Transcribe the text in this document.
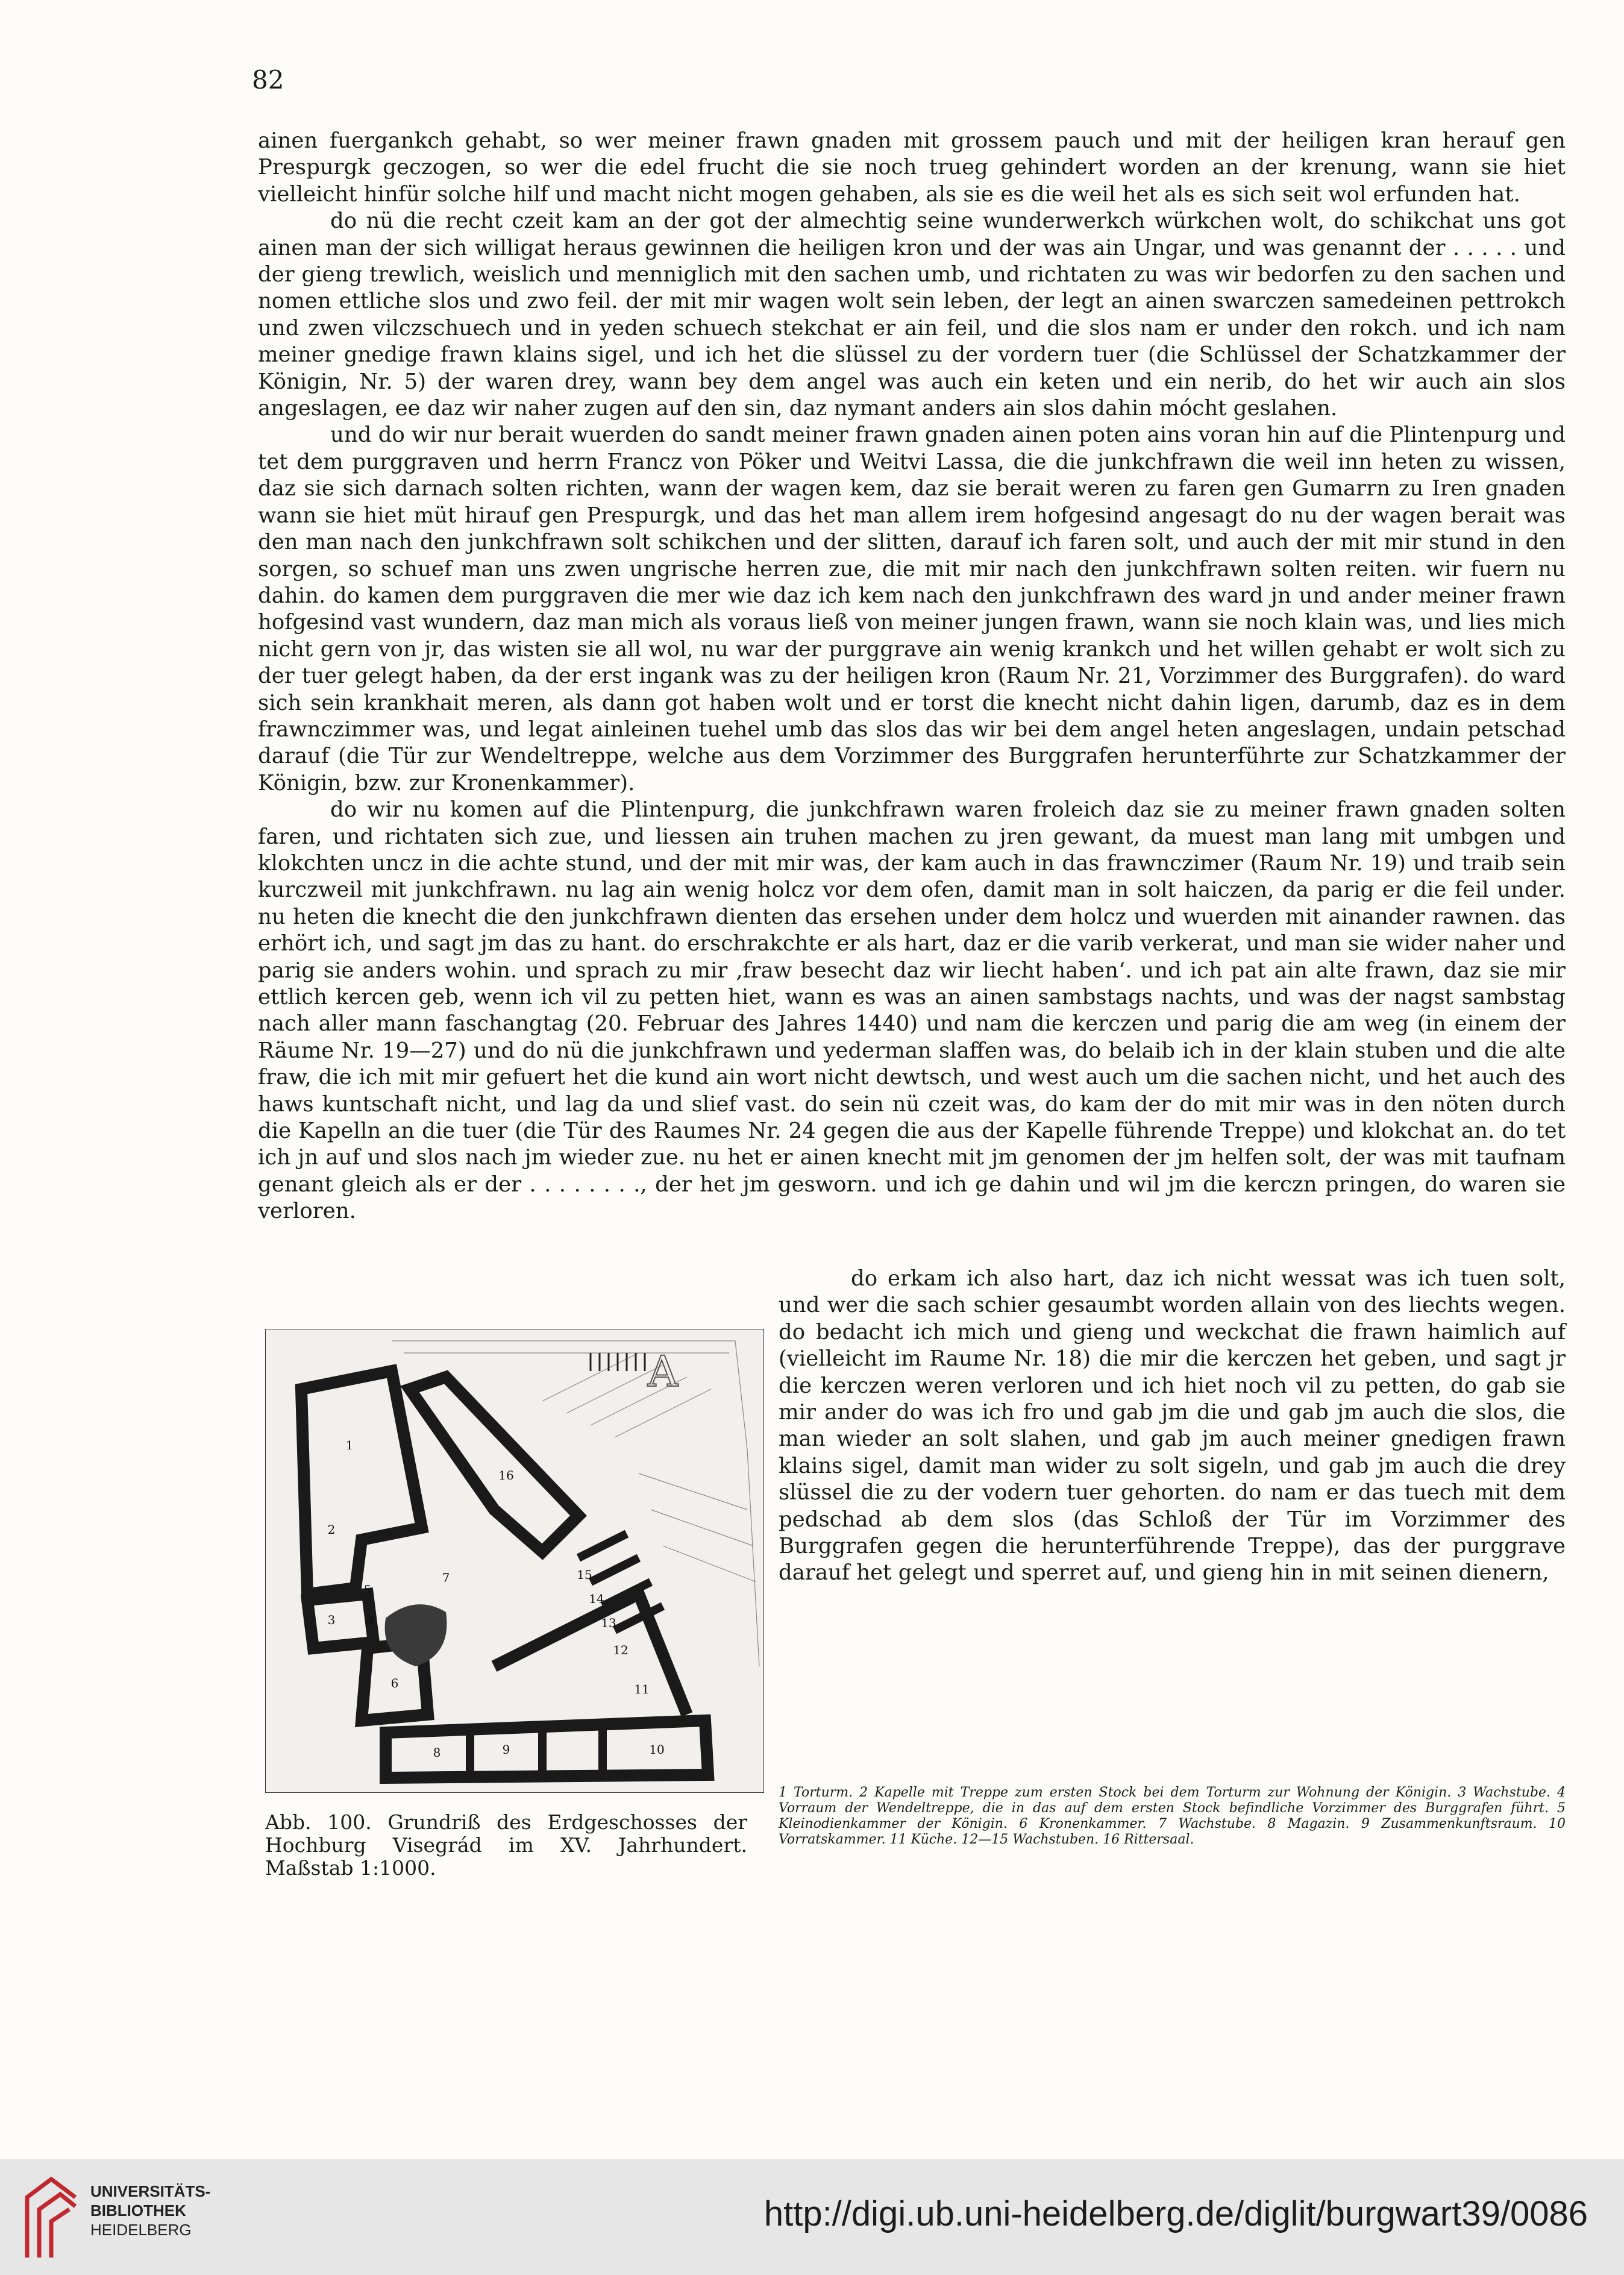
82

ainen fuergankch gehabt, so wer meiner frawn gnaden mit grossem pauch und mit der heiligen kran herauf gen Prespurgk geczogen, so wer die edel frucht die sie noch trueg gehindert worden an der krenung, wann sie hiet vielleicht hinfür solche hilf und macht nicht mogen gehaben, als sie es die weil het als es sich seit wol erfunden hat.

do nü die recht czeit kam an der got der almechtig seine wunderwerkch würkchen wolt, do schikchat uns got ainen man der sich willigat heraus gewinnen die heiligen kron und der was ain Ungar, und was genannt der . . . . . und der gieng trewlich, weislich und menniglich mit den sachen umb, und richtaten zu was wir bedorfen zu den sachen und nomen ettliche slos und zwo feil. der mit mir wagen wolt sein leben, der legt an ainen swarczen samedeinen pettrokch und zwen vilczschuech und in yeden schuech stekchat er ain feil, und die slos nam er under den rokch. und ich nam meiner gnedige frawn klains sigel, und ich het die slüssel zu der vordern tuer (die Schlüssel der Schatzkammer der Königin, Nr. 5) der waren drey, wann bey dem angel was auch ein keten und ein nerib, do het wir auch ain slos angeslagen, ee daz wir naher zugen auf den sin, daz nymant anders ain slos dahin mócht geslahen.

und do wir nur berait wuerden do sandt meiner frawn gnaden ainen poten ains voran hin auf die Plintenpurg und tet dem purggraven und herrn Francz von Pöker und Weitvi Lassa, die die junkchfrawn die weil inn heten zu wissen, daz sie sich darnach solten richten, wann der wagen kem, daz sie berait weren zu faren gen Gumarrn zu Iren gnaden wann sie hiet müt hirauf gen Prespurgk, und das het man allem irem hofgesind angesagt do nu der wagen berait was den man nach den junkchfrawn solt schikchen und der slitten, darauf ich faren solt, und auch der mit mir stund in den sorgen, so schuef man uns zwen ungrische herren zue, die mit mir nach den junkchfrawn solten reiten. wir fuern nu dahin. do kamen dem purggraven die mer wie daz ich kem nach den junkchfrawn des ward jn und ander meiner frawn hofgesind vast wundern, daz man mich als voraus ließ von meiner jungen frawn, wann sie noch klain was, und lies mich nicht gern von jr, das wisten sie all wol, nu war der purggrave ain wenig krankch und het willen gehabt er wolt sich zu der tuer gelegt haben, da der erst ingank was zu der heiligen kron (Raum Nr. 21, Vorzimmer des Burggrafen). do ward sich sein krankhait meren, als dann got haben wolt und er torst die knecht nicht dahin ligen, darumb, daz es in dem frawnczimmer was, und legat ainleinen tuehel umb das slos das wir bei dem angel heten angeslagen, undain petschad darauf (die Tür zur Wendeltreppe, welche aus dem Vorzimmer des Burggrafen herunterführte zur Schatzkammer der Königin, bzw. zur Kronenkammer).

do wir nu komen auf die Plintenpurg, die junkchfrawn waren froleich daz sie zu meiner frawn gnaden solten faren, und richtaten sich zue, und liessen ain truhen machen zu jren gewant, da muest man lang mit umbgen und klokchten uncz in die achte stund, und der mit mir was, der kam auch in das frawnczimer (Raum Nr. 19) und traib sein kurczweil mit junkchfrawn. nu lag ain wenig holcz vor dem ofen, damit man in solt haiczen, da parig er die feil under. nu heten die knecht die den junkchfrawn dienten das ersehen under dem holcz und wuerden mit ainander rawnen. das erhört ich, und sagt jm das zu hant. do erschrakchte er als hart, daz er die varib verkerat, und man sie wider naher und parig sie anders wohin. und sprach zu mir ‚fraw besecht daz wir liecht haben‘. und ich pat ain alte frawn, daz sie mir ettlich kercen geb, wenn ich vil zu petten hiet, wann es was an ainen sambstags nachts, und was der nagst sambstag nach aller mann faschangtag (20. Februar des Jahres 1440) und nam die kerczen und parig die am weg (in einem der Räume Nr. 19—27) und do nü die junkchfrawn und yederman slaffen was, do belaib ich in der klain stuben und die alte fraw, die ich mit mir gefuert het die kund ain wort nicht dewtsch, und west auch um die sachen nicht, und het auch des haws kuntschaft nicht, und lag da und slief vast. do sein nü czeit was, do kam der do mit mir was in den nöten durch die Kapelln an die tuer (die Tür des Raumes Nr. 24 gegen die aus der Kapelle führende Treppe) und klokchat an. do tet ich jn auf und slos nach jm wieder zue. nu het er ainen knecht mit jm genomen der jm helfen solt, der was mit taufnam genant gleich als er der . . . . . . . ., der het jm gesworn. und ich ge dahin und wil jm die kerczn pringen, do waren sie verloren.

do erkam ich also hart, daz ich nicht wessat was ich tuen solt, und wer die sach schier gesaumbt worden allain von des liechts wegen. do bedacht ich mich und gieng und weckchat die frawn haimlich auf (vielleicht im Raume Nr. 18) die mir die kerczen het geben, und sagt jr die kerczen weren verloren und ich hiet noch vil zu petten, do gab sie mir ander do was ich fro und gab jm die und gab jm auch die slos, die man wieder an solt slahen, und gab jm auch meiner gnedigen frawn klains sigel, damit man wider zu solt sigeln, und gab jm auch die drey slüssel die zu der vodern tuer gehorten. do nam er das tuech mit dem pedschad ab dem slos (das Schloß der Tür im Vorzimmer des Burggrafen gegen die herunterführende Treppe), das der purggrave darauf het gelegt und sperret auf, und gieng hin in mit seinen dienern,

1
2
3	4
5
6
7
8	9	10
11
12
13
14
15
16
A
Abb. 100. Grundriß des Erdgeschosses der Hochburg Visegrád im XV. Jahrhundert. Maßstab 1:1000.
1 Torturm. 2 Kapelle mit Treppe zum ersten Stock bei dem Torturm zur Wohnung der Königin. 3 Wachstube. 4 Vorraum der Wendeltreppe, die in das auf dem ersten Stock befindliche Vorzimmer des Burggrafen führt. 5 Kleinodienkammer der Königin. 6 Kronenkammer. 7 Wachstube. 8 Magazin. 9 Zusammenkunftsraum. 10 Vorratskammer. 11 Küche. 12—15 Wachstuben. 16 Rittersaal.
UNIVERSITÄTS-
BIBLIOTHEK
HEIDELBERG	http://digi.ub.uni-heidelberg.de/diglit/burgwart39/0086
